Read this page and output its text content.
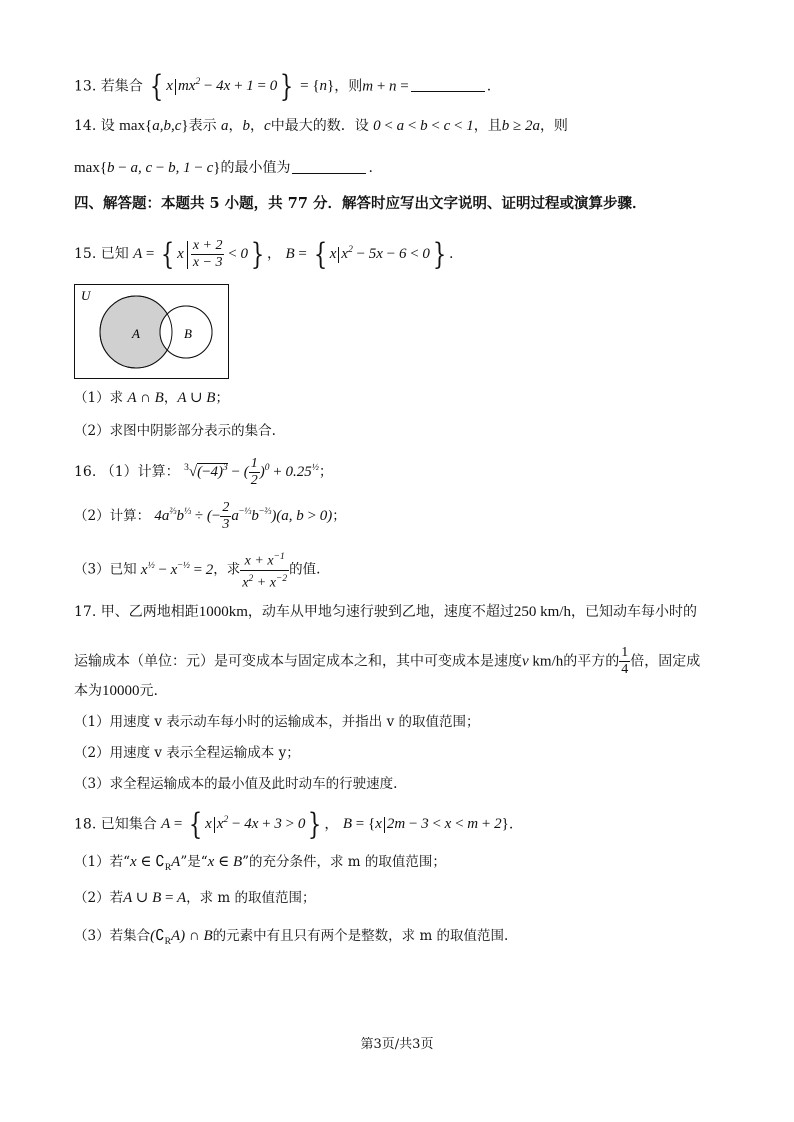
13. 若集合 { x $mx^2 - 4x + 1 = 0\} = \{n\}$，则m + n =	.
14. 设 max{a,b,c}表示 a，b，c中最大的数．设 0 < a < b < c < 1，且b ≥ 2a，则
max{b − a, c − b, 1 − c}的最小值为	.
四、解答题：本题共 5 小题，共 77 分．解答时应写出文字说明、证明过程或演算步骤．
15. 已知 A = { x $\frac{x + 2}{x - 3} < 0$} ， B = { x $x^2 - 5x - 6 < 0$} .
U
A	B
（1）求 A ∩ B，A ∪ B；
（2）求图中阴影部分表示的集合.
16. （1）计算： $^3√(-4)^3$ − ( $\frac{1}{2} )^0 + 0.25^{\frac{1}{2}}$；
（2）计算： $4a^{\frac{2}{3}}b^{\frac{1}{3}}$ ÷ (− $\frac{2}{3} a^{-\frac{1}{3}}b^{-\frac{2}{3}})(a$, b > 0)；
（3）已知 $x^{\frac{1}{2}} - x^{-\frac{1}{2}} = 2$，求 $\frac{x + x^{-1}}{x^2 + x^{-2}}$ 的值.
17. 甲、乙两地相距1000km，动车从甲地匀速行驶到乙地，速度不超过250 km/h，已知动车每小时的
运输成本（单位：元）是可变成本与固定成本之和，其中可变成本是速度v km/h的平方的 $\frac{1}{4}$ 倍，固定成
本为10000元.
（1）用速度 v 表示动车每小时的运输成本，并指出 v 的取值范围；
（2）用速度 v 表示全程运输成本 y；
（3）求全程运输成本的最小值及此时动车的行驶速度.
18. 已知集合 A = { x $x^2 - 4x + 3 > 0$} ， B = {x 2m − 3 < x < m + 2}.
（1）若“x ∈ $∁_RA$”是“x ∈ B”的充分条件，求 m 的取值范围；
（2）若A ∪ B = A，求 m 的取值范围；
（3）若集合$(∁_RA)$ ∩ B的元素中有且只有两个是整数，求 m 的取值范围.
第3页/共3页
